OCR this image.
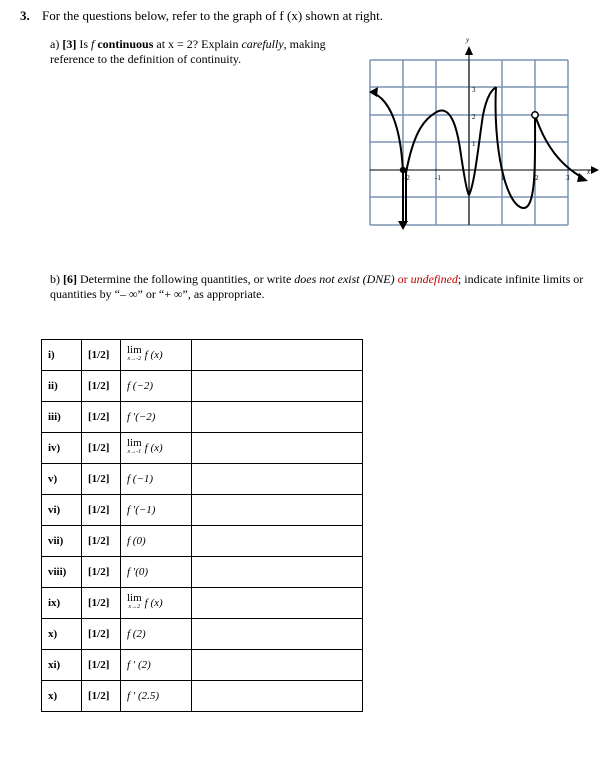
3. For the questions below, refer to the graph of f (x) shown at right.
a) [3] Is f continuous at x = 2? Explain carefully, making reference to the definition of continuity.
y
x
-2	-1	1	2	3
3
2
1
b) [6] Determine the following quantities, or write does not exist (DNE) or undefined; indicate infinite limits or quantities by “– ∞” or “+ ∞”, as appropriate.
i)	[1/2]	lim
x→-2 f (x)	
ii)	[1/2]	f (−2)	
iii)	[1/2]	f ′(−2)	
iv)	[1/2]	lim
x→-1 f (x)	
v)	[1/2]	f (−1)	
vi)	[1/2]	f ′(−1)	
vii)	[1/2]	f (0)	
viii)	[1/2]	f ′(0)	
ix)	[1/2]	lim
x→2 f (x)	
x)	[1/2]	f (2)	
xi)	[1/2]	f ′ (2)	
x)	[1/2]	f ′ (2.5)	
